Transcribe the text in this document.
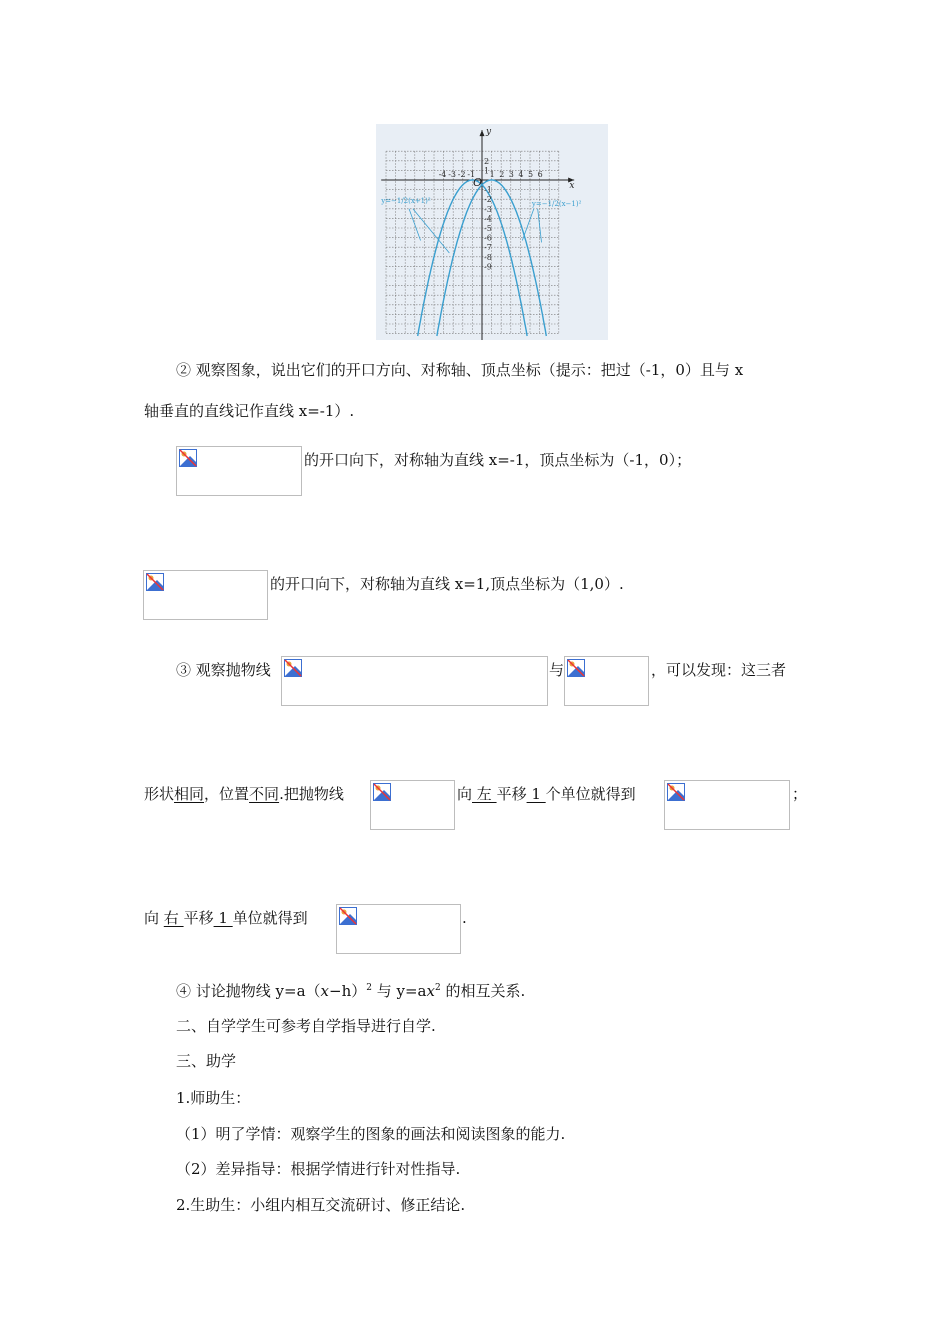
x
y
O
-4 -3 -2 -1 1 2 3 4 5 6
2
1
-1
-2
-3
-4
-5
-6
-7
-8
-9
y=−1/2(x+1)²	y=−1/2(x−1)²
② 观察图象，说出它们的开口方向、对称轴、顶点坐标（提示：把过（-1，0）且与 x
轴垂直的直线记作直线 x=-1）.
的开口向下，对称轴为直线 x=-1，顶点坐标为（-1，0）；
的开口向下，对称轴为直线 x=1,顶点坐标为（1,0）.
③ 观察抛物线	与	，可以发现：这三者
形状相同，位置不同.把抛物线	向 左 平移 1 个单位就得到	；
向 右 平移 1 单位就得到	.
④ 讨论抛物线 $y=a(x-h)^2$ 与 $y=ax^2$ 的相互关系.
二、自学学生可参考自学指导进行自学.
三、助学
1.师助生：
（1）明了学情：观察学生的图象的画法和阅读图象的能力.
（2）差异指导：根据学情进行针对性指导.
2.生助生：小组内相互交流研讨、修正结论.
